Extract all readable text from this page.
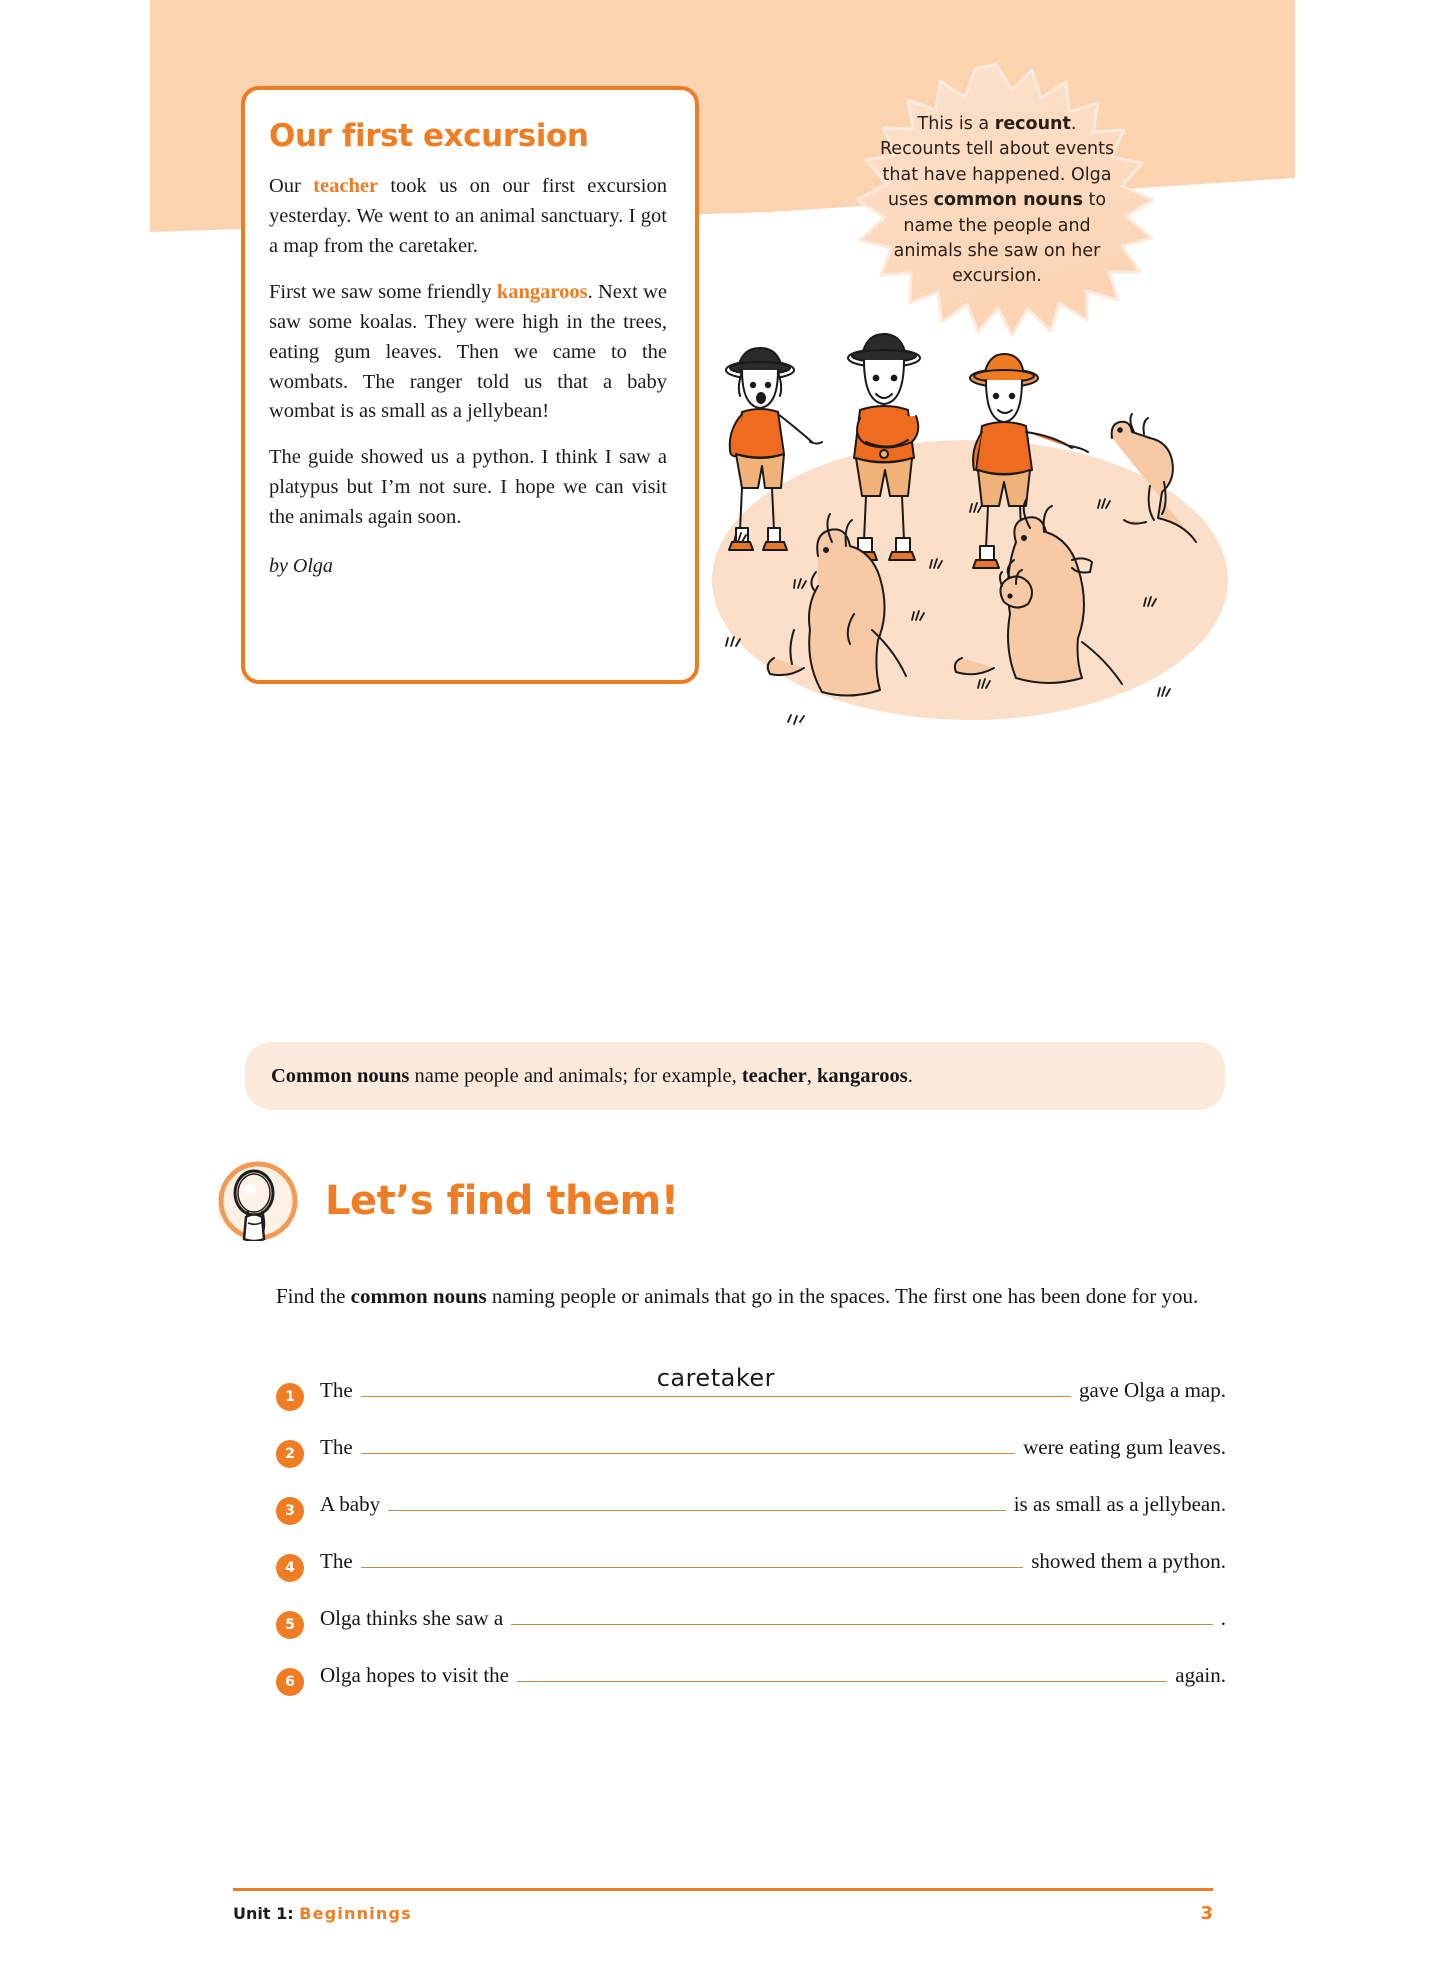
Our first excursion

Our teacher took us on our first excursion yesterday. We went to an animal sanctuary. I got a map from the caretaker.

First we saw some friendly kangaroos. Next we saw some koalas. They were high in the trees, eating gum leaves. Then we came to the wombats. The ranger told us that a baby wombat is as small as a jellybean!

The guide showed us a python. I think I saw a platypus but I’m not sure. I hope we can visit the animals again soon.

by Olga
This is a recount.
Recounts tell about events
that have happened. Olga
uses common nouns to
name the people and
animals she saw on her
excursion.
Common nouns name people and animals; for example, teacher, kangaroos.
Let’s find them!
Find the common nouns naming people or animals that go in the spaces. The first one has been done for you.
1	The	caretaker	gave Olga a map.
2	The	were eating gum leaves.
3	A baby	is as small as a jellybean.
4	The	showed them a python.
5	Olga thinks she saw a	.
6	Olga hopes to visit the	again.
Unit 1: Beginnings	3
